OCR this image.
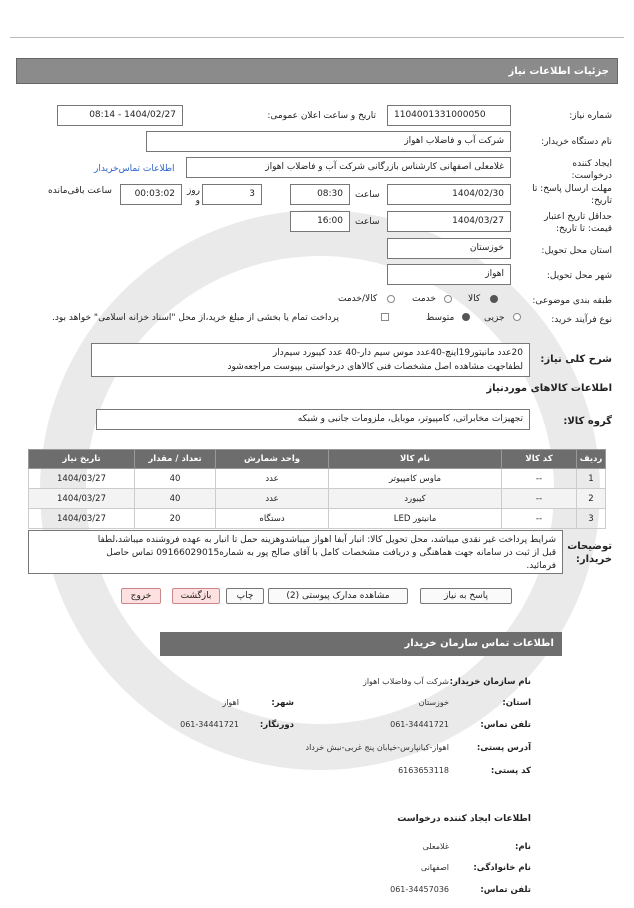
جزئیات اطلاعات نیاز
شماره نیاز:
1104001331000050
تاریخ و ساعت اعلان عمومی:
1404/02/27 - 08:14
نام دستگاه خریدار:
شرکت آب و فاضلاب اهواز
ایجاد کننده درخواست:
غلامعلی اصفهانی کارشناس بازرگانی شرکت آب و فاضلاب اهواز
اطلاعات تماس‌خریدار
مهلت ارسال پاسخ: تا تاریخ:
1404/02/30
ساعت
08:30
3
روز و
00:03:02
ساعت باقی‌مانده
حداقل تاریخ اعتبار قیمت: تا تاریخ:
1404/03/27
ساعت
16:00
استان محل تحویل:
خوزستان
شهر محل تحویل:
اهواز
طبقه بندی موضوعی:
کالا
خدمت
کالا/خدمت
نوع فرآیند خرید:
جزیی
متوسط
پرداخت تمام یا بخشی از مبلغ خرید،از محل "اسناد خزانه اسلامی" خواهد بود.
شرح کلی نیاز:
20عدد مانیتور19اینچ-40عدد موس سیم دار-40 عدد کیبورد سیم‌دار
لطفاجهت مشاهده اصل مشخصات فنی کالاهای درخواستی بپیوست مراجعه‌شود
اطلاعات کالاهای موردنیاز
گروه کالا:
تجهیزات مخابراتی، کامپیوتر، موبایل، ملزومات جانبی و شبکه
ردیف	کد کالا	نام کالا	واحد شمارش	تعداد / مقدار	تاریخ نیاز
1	--	ماوس کامپیوتر	عدد	40	1404/03/27
2	--	کیبورد	عدد	40	1404/03/27
3	--	مانیتور LED	دستگاه	20	1404/03/27
توضیحات خریدار:
شرایط پرداخت غیر نقدی میباشد، محل تحویل کالا: انبار آبفا اهواز میباشدوهزینه حمل تا انبار به عهده فروشنده میباشد،لطفا
قبل از ثبت در سامانه جهت هماهنگی و دریافت مشخصات کامل با آقای صالح پور به شماره09166029015 تماس حاصل
فرمائید.
پاسخ به نیاز
مشاهده مدارک پیوستی (2)
چاپ
بازگشت
خروج
اطلاعات تماس سازمان خریدار
نام سازمان خریدار:
شرکت آب وفاضلاب اهواز
استان:
خوزستان
شهر:
اهواز
تلفن تماس:
061-34441721
دورنگار:
061-34441721
آدرس پستی:
اهواز-کیانپارس-خیابان پنج غربی-نبش خرداد
کد پستی:
6163653118
اطلاعات ایجاد کننده درخواست
نام:
غلامعلی
نام خانوادگی:
اصفهانی
تلفن تماس:
061-34457036
